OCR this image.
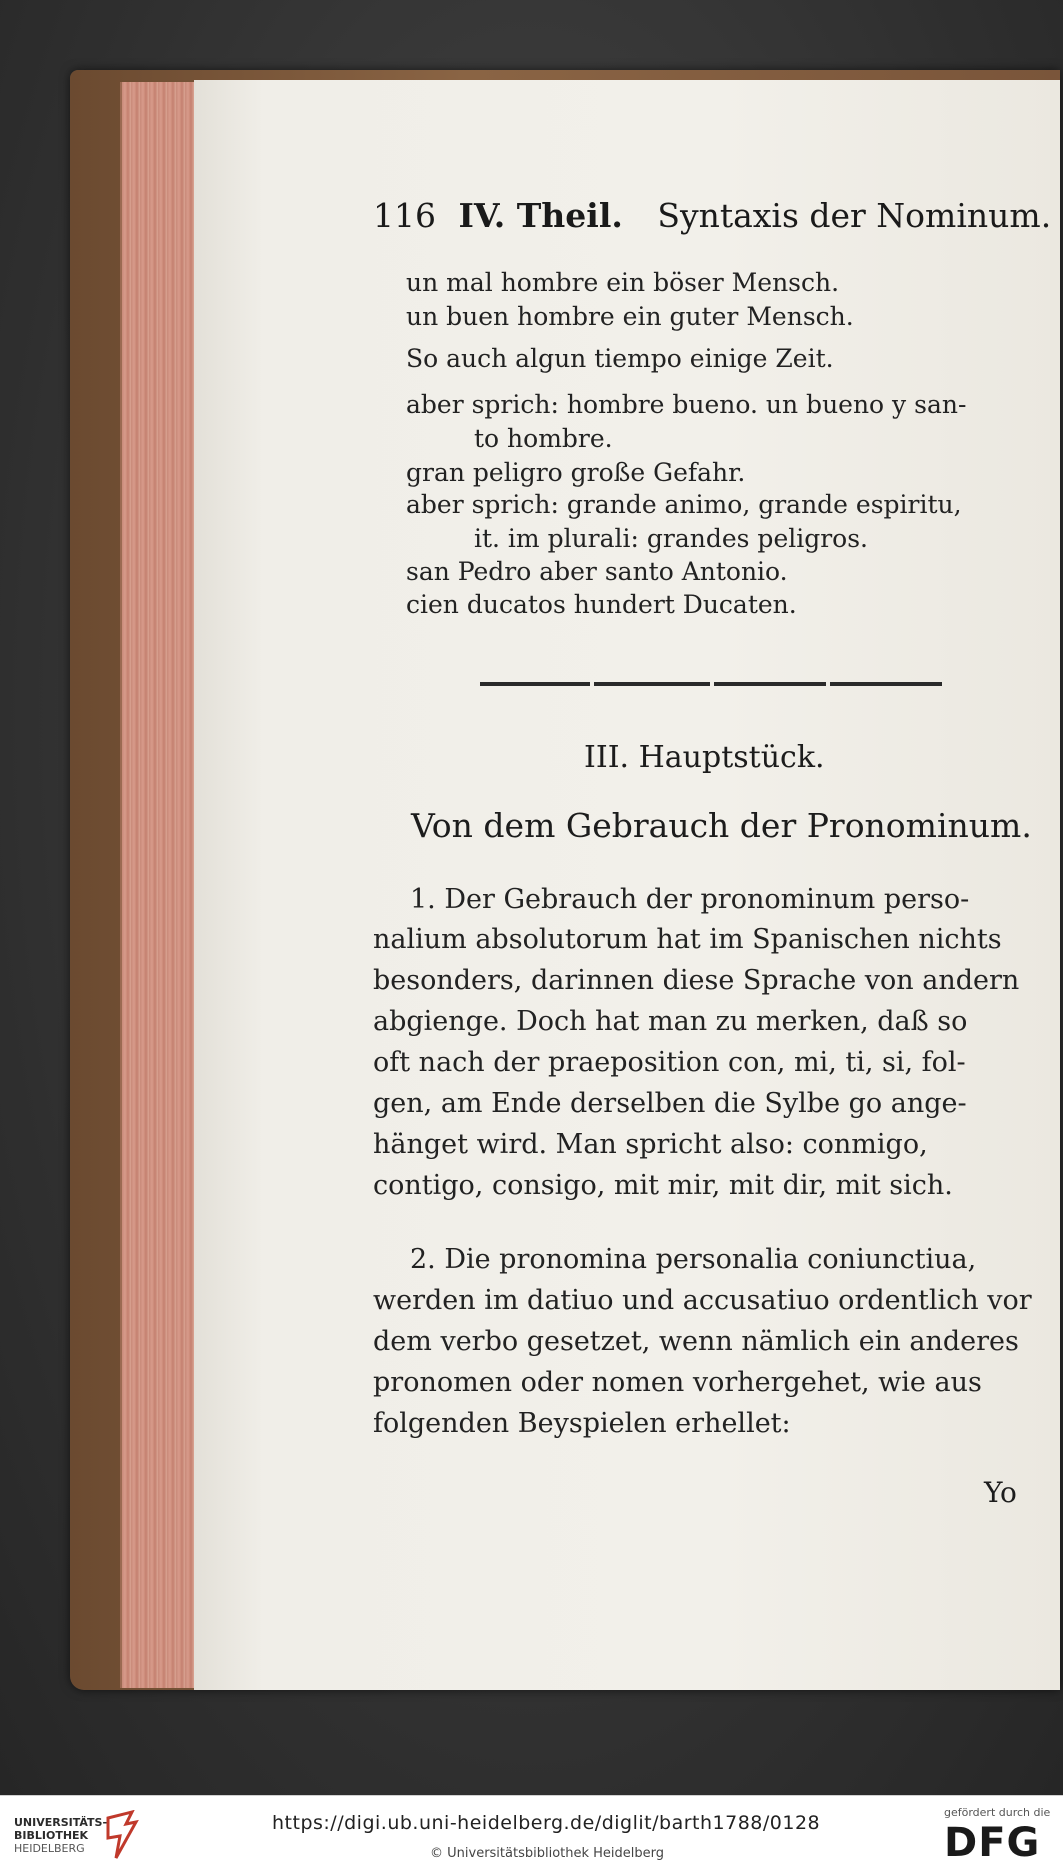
116 IV. Theil. Syntaxis der Nominum.
un mal hombre ein böser Mensch.
un buen hombre ein guter Mensch.
So auch algun tiempo einige Zeit.
aber sprich: hombre bueno. un bueno y san-
to hombre.
gran peligro große Gefahr.
aber sprich: grande animo, grande espiritu,
it. im plurali: grandes peligros.
san Pedro aber santo Antonio.
cien ducatos hundert Ducaten.
III. Hauptstück.
Von dem Gebrauch der Pronominum.
1. Der Gebrauch der pronominum perso-
nalium absolutorum hat im Spanischen nichts
besonders, darinnen diese Sprache von andern
abgienge. Doch hat man zu merken, daß so
oft nach der praeposition con, mi, ti, si, fol-
gen, am Ende derselben die Sylbe go ange-
hänget wird. Man spricht also: conmigo,
contigo, consigo, mit mir, mit dir, mit sich.
2. Die pronomina personalia coniunctiua,
werden im datiuo und accusatiuo ordentlich vor
dem verbo gesetzet, wenn nämlich ein anderes
pronomen oder nomen vorhergehet, wie aus
folgenden Beyspielen erhellet:
Yo
UNIVERSITÄTS-
BIBLIOTHEK
HEIDELBERG
https://digi.ub.uni-heidelberg.de/diglit/barth1788/0128
© Universitätsbibliothek Heidelberg
gefördert durch die
DFG
